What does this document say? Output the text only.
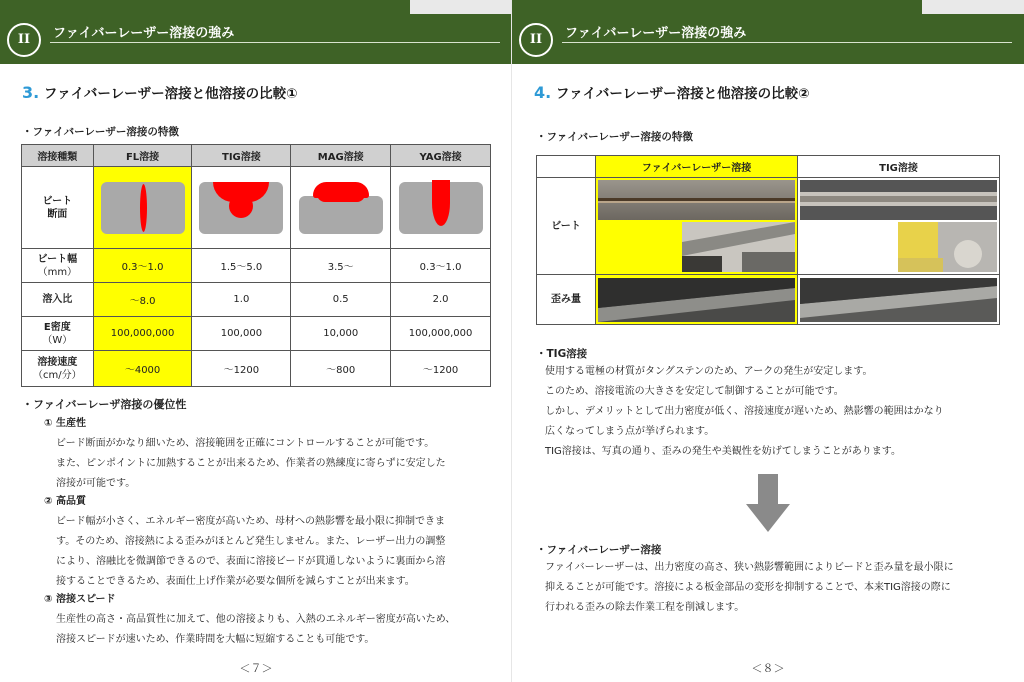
II	ファイバーレーザー溶接の強み
3. ファイバーレーザー溶接と他溶接の比較①
・ファイバーレーザー溶接の特徴
溶接種類	FL溶接	TIG溶接	MAG溶接	YAG溶接
ビート
断面	

ビート幅
（mm）	0.3〜1.0	1.5〜5.0	3.5〜	0.3〜1.0
溶入比	〜8.0	1.0	0.5	2.0
E密度
（W）	100,000,000	100,000	10,000	100,000,000
溶接速度
（cm/分）	〜4000	〜1200	〜800	〜1200
・ファイバーレーザ溶接の優位性
① 生産性
ビード断面がかなり細いため、溶接範囲を正確にコントロールすることが可能です。
また、ピンポイントに加熱することが出来るため、作業者の熟練度に寄らずに安定した
溶接が可能です。
② 高品質
ビード幅が小さく、エネルギー密度が高いため、母材への熱影響を最小限に抑制できま
す。そのため、溶接熱による歪みがほとんど発生しません。また、レーザー出力の調整
により、溶融比を微調節できるので、表面に溶接ビードが貫通しないように裏面から溶
接することできるため、表面仕上げ作業が必要な個所を減らすことが出来ます。
③ 溶接スピード
生産性の高さ・高品質性に加えて、他の溶接よりも、入熱のエネルギー密度が高いため、
溶接スピードが速いため、作業時間を大幅に短縮することも可能です。
＜７＞
II	ファイバーレーザー溶接の強み
4. ファイバーレーザー溶接と他溶接の比較②
・ファイバーレーザー溶接の特徴
	ファイバーレーザー溶接	TIG溶接
ビート	

歪み量	

・TIG溶接
使用する電極の材質がタングステンのため、アークの発生が安定します。
このため、溶接電流の大きさを安定して制御することが可能です。
しかし、デメリットとして出力密度が低く、溶接速度が遅いため、熱影響の範囲はかなり
広くなってしまう点が挙げられます。
TIG溶接は、写真の通り、歪みの発生や美観性を妨げてしまうことがあります。
・ファイバーレーザー溶接
ファイバーレーザーは、出力密度の高さ、狭い熱影響範囲によりビードと歪み量を最小限に
抑えることが可能です。溶接による板金部品の変形を抑制することで、本来TIG溶接の際に
行われる歪みの除去作業工程を削減します。
＜８＞
